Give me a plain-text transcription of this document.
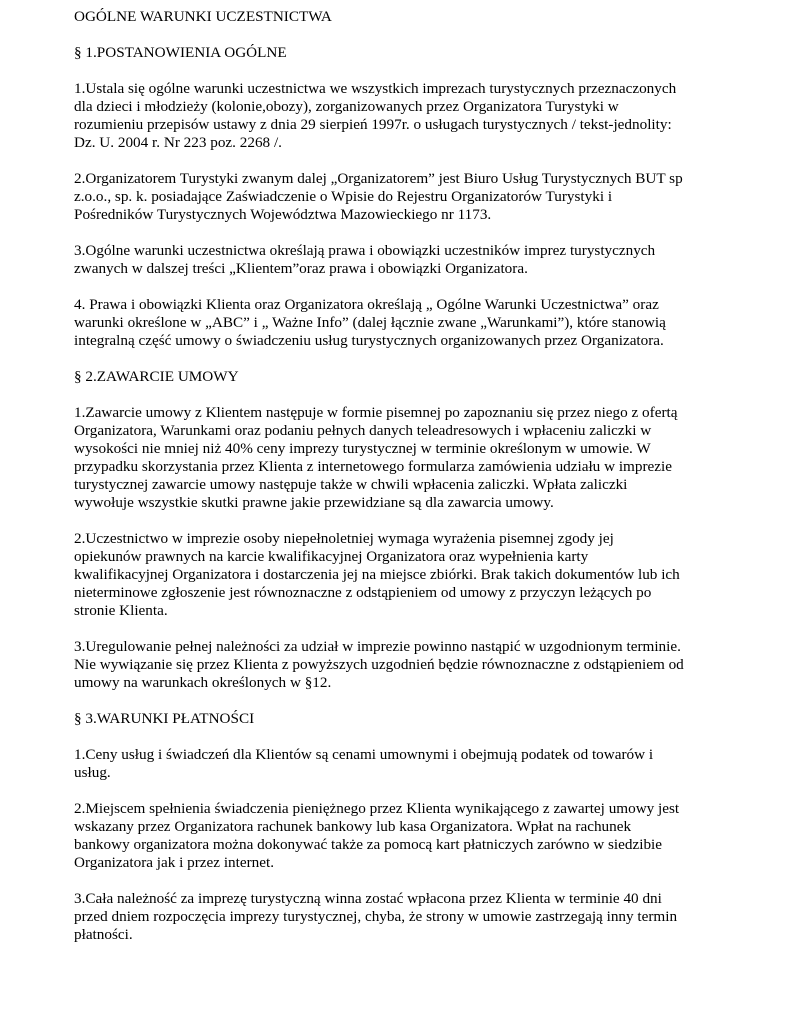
OGÓLNE WARUNKI UCZESTNICTWA

§ 1.POSTANOWIENIA OGÓLNE

1.Ustala się ogólne warunki uczestnictwa we wszystkich imprezach turystycznych przeznaczonych
dla dzieci i młodzieży (kolonie,obozy), zorganizowanych przez Organizatora Turystyki w
rozumieniu przepisów ustawy z dnia 29 sierpień 1997r. o usługach turystycznych / tekst-jednolity:
Dz. U. 2004 r. Nr 223 poz. 2268 /.

2.Organizatorem Turystyki zwanym dalej „Organizatorem” jest Biuro Usług Turystycznych BUT sp
z.o.o., sp. k. posiadające Zaświadczenie o Wpisie do Rejestru Organizatorów Turystyki i
Pośredników Turystycznych Województwa Mazowieckiego nr 1173.

3.Ogólne warunki uczestnictwa określają prawa i obowiązki uczestników imprez turystycznych
zwanych w dalszej treści „Klientem”oraz prawa i obowiązki Organizatora.

4. Prawa i obowiązki Klienta oraz Organizatora określają „ Ogólne Warunki Uczestnictwa” oraz
warunki określone w „ABC” i „ Ważne Info” (dalej łącznie zwane „Warunkami”), które stanowią
integralną część umowy o świadczeniu usług turystycznych organizowanych przez Organizatora.

§ 2.ZAWARCIE UMOWY

1.Zawarcie umowy z Klientem następuje w formie pisemnej po zapoznaniu się przez niego z ofertą
Organizatora, Warunkami oraz podaniu pełnych danych teleadresowych i wpłaceniu zaliczki w
wysokości nie mniej niż 40% ceny imprezy turystycznej w terminie określonym w umowie. W
przypadku skorzystania przez Klienta z internetowego formularza zamówienia udziału w imprezie
turystycznej zawarcie umowy następuje także w chwili wpłacenia zaliczki. Wpłata zaliczki
wywołuje wszystkie skutki prawne jakie przewidziane są dla zawarcia umowy.

2.Uczestnictwo w imprezie osoby niepełnoletniej wymaga wyrażenia pisemnej zgody jej
opiekunów prawnych na karcie kwalifikacyjnej Organizatora oraz wypełnienia karty
kwalifikacyjnej Organizatora i dostarczenia jej na miejsce zbiórki. Brak takich dokumentów lub ich
nieterminowe zgłoszenie jest równoznaczne z odstąpieniem od umowy z przyczyn leżących po
stronie Klienta.

3.Uregulowanie pełnej należności za udział w imprezie powinno nastąpić w uzgodnionym terminie.
Nie wywiązanie się przez Klienta z powyższych uzgodnień będzie równoznaczne z odstąpieniem od
umowy na warunkach określonych w §12.

§ 3.WARUNKI PŁATNOŚCI

1.Ceny usług i świadczeń dla Klientów są cenami umownymi i obejmują podatek od towarów i
usług.

2.Miejscem spełnienia świadczenia pieniężnego przez Klienta wynikającego z zawartej umowy jest
wskazany przez Organizatora rachunek bankowy lub kasa Organizatora. Wpłat na rachunek
bankowy organizatora można dokonywać także za pomocą kart płatniczych zarówno w siedzibie
Organizatora jak i przez internet.

3.Cała należność za imprezę turystyczną winna zostać wpłacona przez Klienta w terminie 40 dni
przed dniem rozpoczęcia imprezy turystycznej, chyba, że strony w umowie zastrzegają inny termin
płatności.
